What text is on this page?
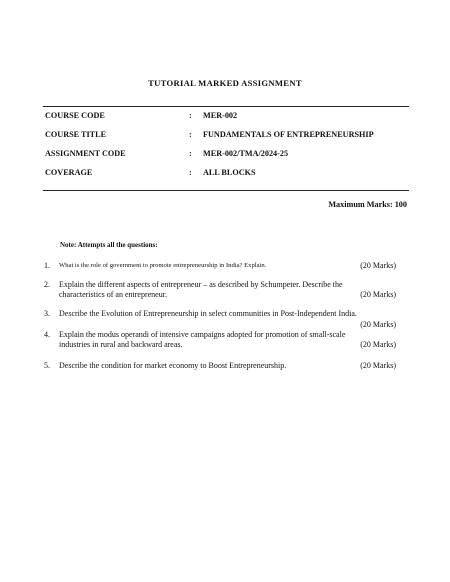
TUTORIAL MARKED ASSIGNMENT
COURSE CODE	: MER-002
COURSE TITLE	: FUNDAMENTALS OF ENTREPRENEURSHIP
ASSIGNMENT CODE	: MER-002/TMA/2024-25
COVERAGE	: ALL BLOCKS
Maximum Marks: 100
Note: Attempts all the questions:
1. What is the role of government to promote entrepreneurship in India? Explain.	(20 Marks)
2. Explain the different aspects of entrepreneur – as described by Schumpeter. Describe the
characteristics of an entrepreneur.	(20 Marks)
3. Describe the Evolution of Entrepreneurship in select communities in Post-Independent India.
(20 Marks)
4. Explain the modus operandi of intensive campaigns adopted for promotion of small-scale
industries in rural and backward areas.	(20 Marks)
5. Describe the condition for market economy to Boost Entrepreneurship.	(20 Marks)
